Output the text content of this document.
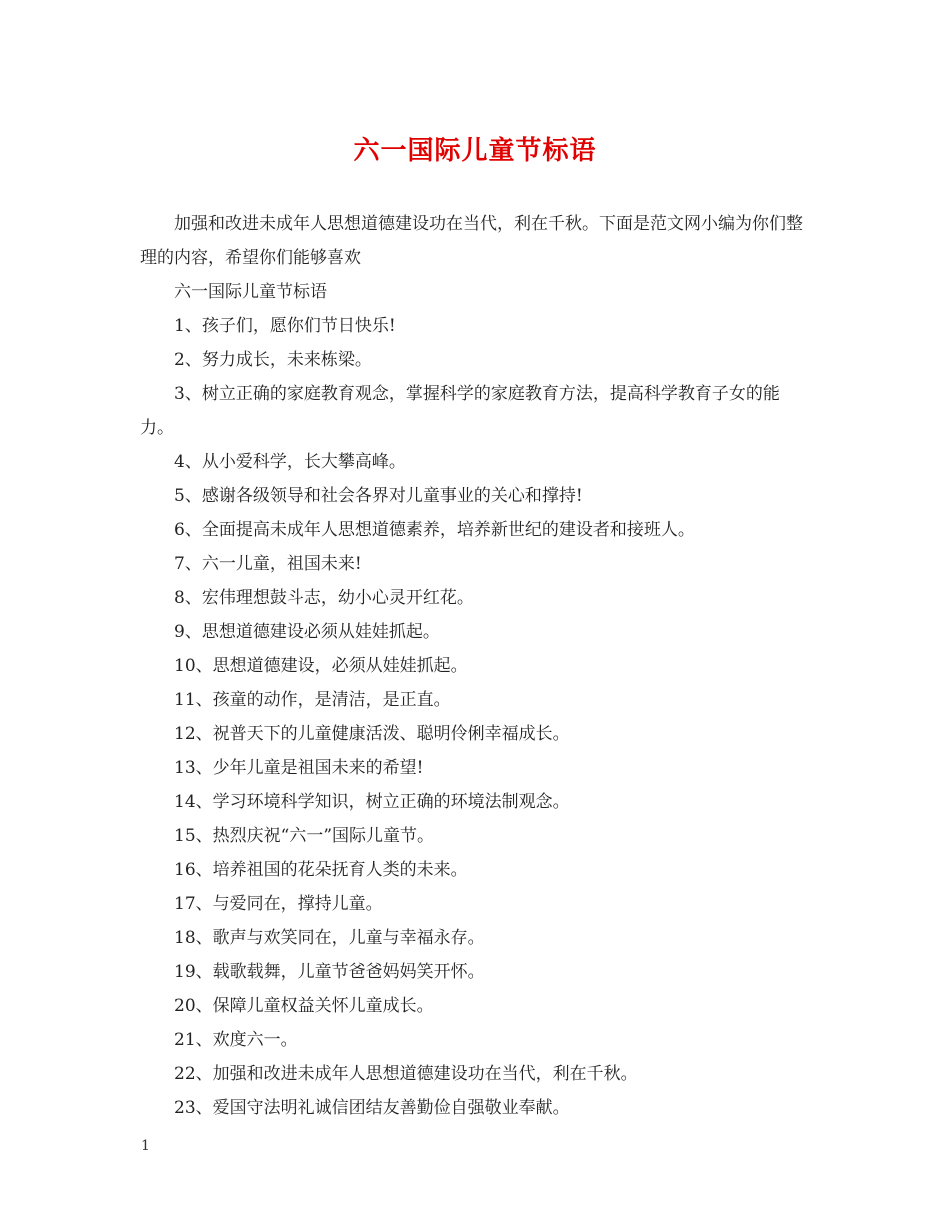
六一国际儿童节标语

加强和改进未成年人思想道德建设功在当代，利在千秋。下面是范文网小编为你们整理的内容，希望你们能够喜欢

六一国际儿童节标语

1、孩子们，愿你们节日快乐!

2、努力成长，未来栋梁。

3、树立正确的家庭教育观念，掌握科学的家庭教育方法，提高科学教育子女的能力。

4、从小爱科学，长大攀高峰。

5、感谢各级领导和社会各界对儿童事业的关心和撑持!

6、全面提高未成年人思想道德素养，培养新世纪的建设者和接班人。

7、六一儿童，祖国未来!

8、宏伟理想鼓斗志，幼小心灵开红花。

9、思想道德建设必须从娃娃抓起。

10、思想道德建设，必须从娃娃抓起。

11、孩童的动作，是清洁，是正直。

12、祝普天下的儿童健康活泼、聪明伶俐幸福成长。

13、少年儿童是祖国未来的希望!

14、学习环境科学知识，树立正确的环境法制观念。

15、热烈庆祝“六一”国际儿童节。

16、培养祖国的花朵抚育人类的未来。

17、与爱同在，撑持儿童。

18、歌声与欢笑同在，儿童与幸福永存。

19、载歌载舞，儿童节爸爸妈妈笑开怀。

20、保障儿童权益关怀儿童成长。

21、欢度六一。

22、加强和改进未成年人思想道德建设功在当代，利在千秋。

23、爱国守法明礼诚信团结友善勤俭自强敬业奉献。

1
